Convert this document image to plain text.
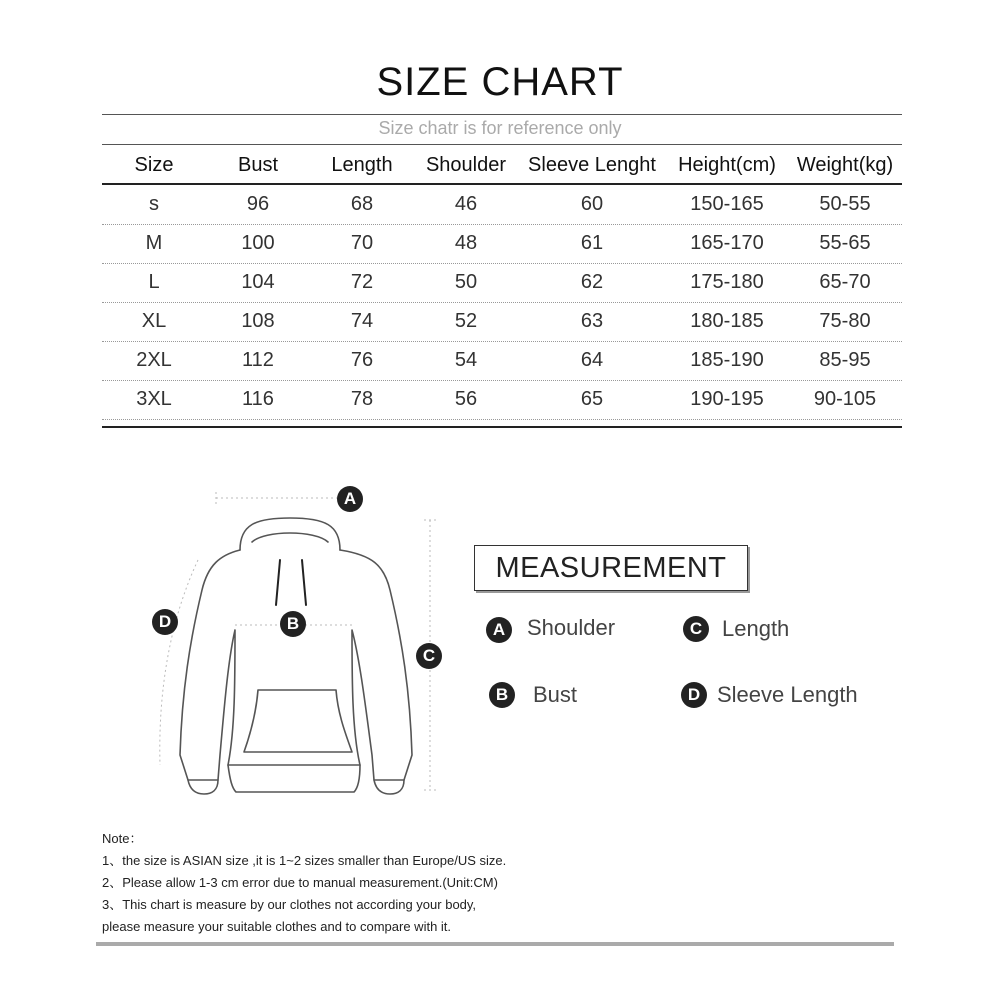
SIZE CHART
Size chatr is for reference only
Size	Bust	Length	Shoulder	Sleeve Lenght	Height(cm)	Weight(kg)
s	96	68	46	60	150-165	50-55
M	100	70	48	61	165-170	55-65
L	104	72	50	62	175-180	65-70
XL	108	74	52	63	180-185	75-80
2XL	112	76	54	64	185-190	85-95
3XL	116	78	56	65	190-195	90-105
A
B
C
D
MEASUREMENT
A Shoulder	C Length
B	Bust	D Sleeve Length
Note：
1、the size is ASIAN size ,it is 1~2 sizes smaller than Europe/US size.
2、Please allow 1-3 cm error due to manual measurement.(Unit:CM)
3、This chart is measure by our clothes not according your body,
please measure your suitable clothes and to compare with it.
